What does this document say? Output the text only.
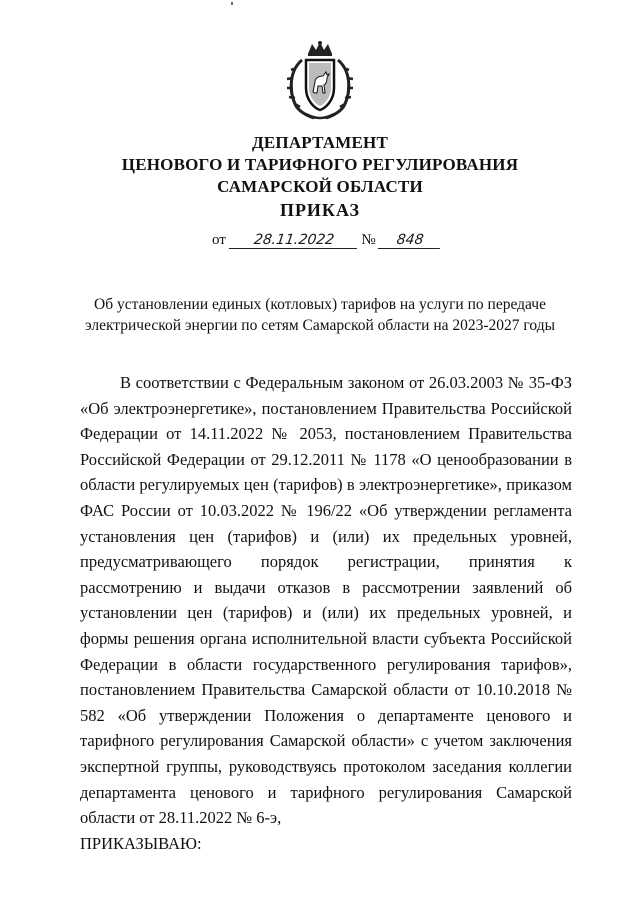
ДЕПАРТАМЕНТ
ЦЕНОВОГО И ТАРИФНОГО РЕГУЛИРОВАНИЯ
САМАРСКОЙ ОБЛАСТИ
ПРИКАЗ
от 28.11.2022 № 848
Об установлении единых (котловых) тарифов на услуги по передаче электрической энергии по сетям Самарской области на 2023-2027 годы

В соответствии с Федеральным законом от 26.03.2003 № 35-ФЗ «Об электроэнергетике», постановлением Правительства Российской Федерации от 14.11.2022 № 2053, постановлением Правительства Российской Федерации от 29.12.2011 № 1178 «О ценообразовании в области регулируемых цен (тарифов) в электроэнергетике», приказом ФАС России от 10.03.2022 № 196/22 «Об утверждении регламента установления цен (тарифов) и (или) их предельных уровней, предусматривающего порядок регистрации, принятия к рассмотрению и выдачи отказов в рассмотрении заявлений об установлении цен (тарифов) и (или) их предельных уровней, и формы решения органа исполнительной власти субъекта Российской Федерации в области государственного регулирования тарифов», постановлением Правительства Самарской области от 10.10.2018 № 582 «Об утверждении Положения о департаменте ценового и тарифного регулирования Самарской области» с учетом заключения экспертной группы, руководствуясь протоколом заседания коллегии департамента ценового и тарифного регулирования Самарской области от 28.11.2022 № 6-э,

ПРИКАЗЫВАЮ:
